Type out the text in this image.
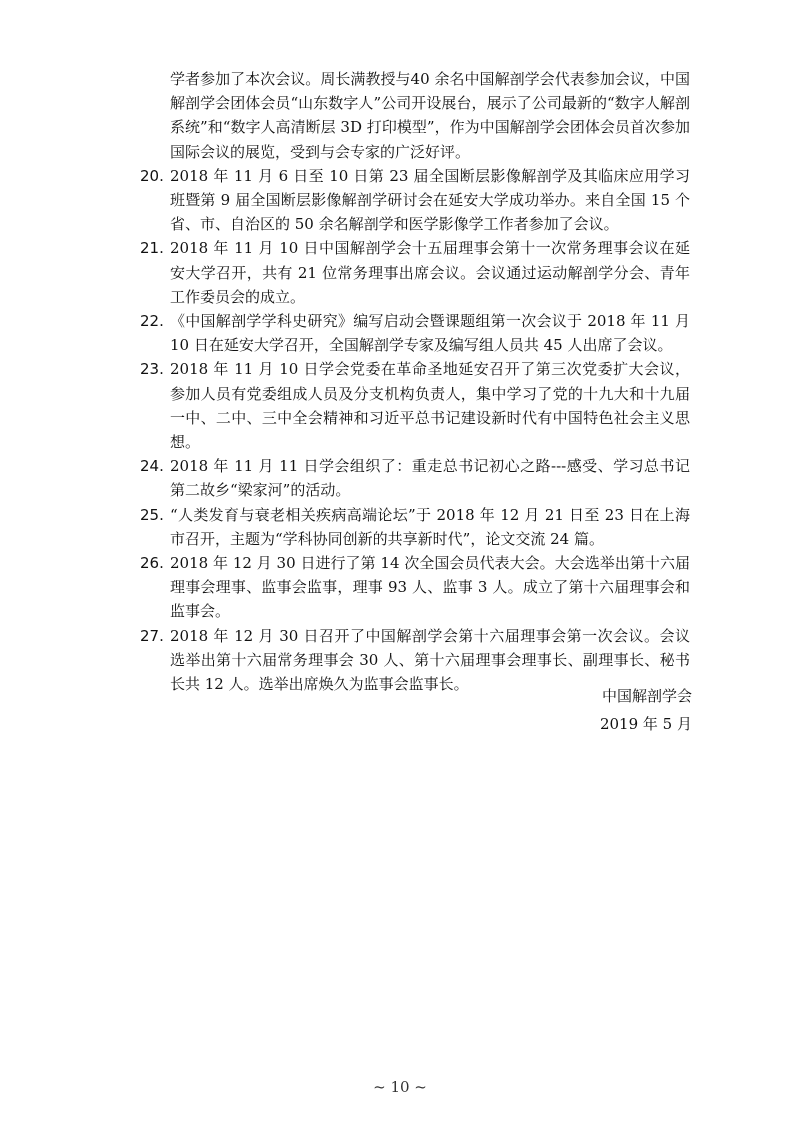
学者参加了本次会议。周长满教授与40 余名中国解剖学会代表参加会议，中国解剖学会团体会员“山东数字人”公司开设展台，展示了公司最新的“数字人解剖系统”和“数字人高清断层 3D 打印模型”，作为中国解剖学会团体会员首次参加国际会议的展览，受到与会专家的广泛好评。
20. 2018 年 11 月 6 日至 10 日第 23 届全国断层影像解剖学及其临床应用学习班暨第 9 届全国断层影像解剖学研讨会在延安大学成功举办。来自全国 15 个省、市、自治区的 50 余名解剖学和医学影像学工作者参加了会议。
21. 2018 年 11 月 10 日中国解剖学会十五届理事会第十一次常务理事会议在延安大学召开，共有 21 位常务理事出席会议。会议通过运动解剖学分会、青年工作委员会的成立。
22. 《中国解剖学学科史研究》编写启动会暨课题组第一次会议于 2018 年 11 月 10 日在延安大学召开，全国解剖学专家及编写组人员共 45 人出席了会议。
23. 2018 年 11 月 10 日学会党委在革命圣地延安召开了第三次党委扩大会议，参加人员有党委组成人员及分支机构负责人，集中学习了党的十九大和十九届一中、二中、三中全会精神和习近平总书记建设新时代有中国特色社会主义思想。
24. 2018 年 11 月 11 日学会组织了：重走总书记初心之路---感受、学习总书记第二故乡“梁家河”的活动。
25. “人类发育与衰老相关疾病高端论坛”于 2018 年 12 月 21 日至 23 日在上海市召开，主题为“学科协同创新的共享新时代”，论文交流 24 篇。
26. 2018 年 12 月 30 日进行了第 14 次全国会员代表大会。大会选举出第十六届理事会理事、监事会监事，理事 93 人、监事 3 人。成立了第十六届理事会和监事会。
27. 2018 年 12 月 30 日召开了中国解剖学会第十六届理事会第一次会议。会议选举出第十六届常务理事会 30 人、第十六届理事会理事长、副理事长、秘书长共 12 人。选举出席焕久为监事会监事长。
中国解剖学会
2019 年 5 月
~ 10 ~
